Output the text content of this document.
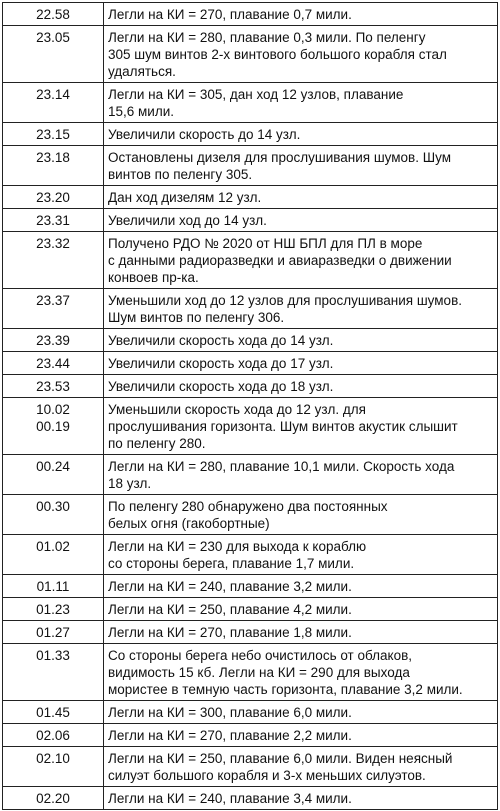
22.58	Легли на КИ = 270, плавание 0,7 мили.
23.05	Легли на КИ = 280, плавание 0,3 мили. По пеленгу
305 шум винтов 2-х винтового большого корабля стал
удаляться.
23.14	Легли на КИ = 305, дан ход 12 узлов, плавание
15,6 мили.
23.15	Увеличили скорость до 14 узл.
23.18	Остановлены дизеля для прослушивания шумов. Шум
винтов по пеленгу 305.
23.20	Дан ход дизелям 12 узл.
23.31	Увеличили ход до 14 узл.
23.32	Получено РДО № 2020 от НШ БПЛ для ПЛ в море
с данными радиоразведки и авиаразведки о движении
конвоев пр-ка.
23.37	Уменьшили ход до 12 узлов для прослушивания шумов.
Шум винтов по пеленгу 306.
23.39	Увеличили скорость хода до 14 узл.
23.44	Увеличили скорость хода до 17 узл.
23.53	Увеличили скорость хода до 18 узл.
10.02
00.19	Уменьшили скорость хода до 12 узл. для
прослушивания горизонта. Шум винтов акустик слышит
по пеленгу 280.
00.24	Легли на КИ = 280, плавание 10,1 мили. Скорость хода
18 узл.
00.30	По пеленгу 280 обнаружено два постоянных
белых огня (гакобортные)
01.02	Легли на КИ = 230 для выхода к кораблю
со стороны берега, плавание 1,7 мили.
01.11	Легли на КИ = 240, плавание 3,2 мили.
01.23	Легли на КИ = 250, плавание 4,2 мили.
01.27	Легли на КИ = 270, плавание 1,8 мили.
01.33	Со стороны берега небо очистилось от облаков,
видимость 15 кб. Легли на КИ = 290 для выхода
мористее в темную часть горизонта, плавание 3,2 мили.
01.45	Легли на КИ = 300, плавание 6,0 мили.
02.06	Легли на КИ = 270, плавание 2,2 мили.
02.10	Легли на КИ = 250, плавание 6,0 мили. Виден неясный
силуэт большого корабля и 3-х меньших силуэтов.
02.20	Легли на КИ = 240, плавание 3,4 мили.
